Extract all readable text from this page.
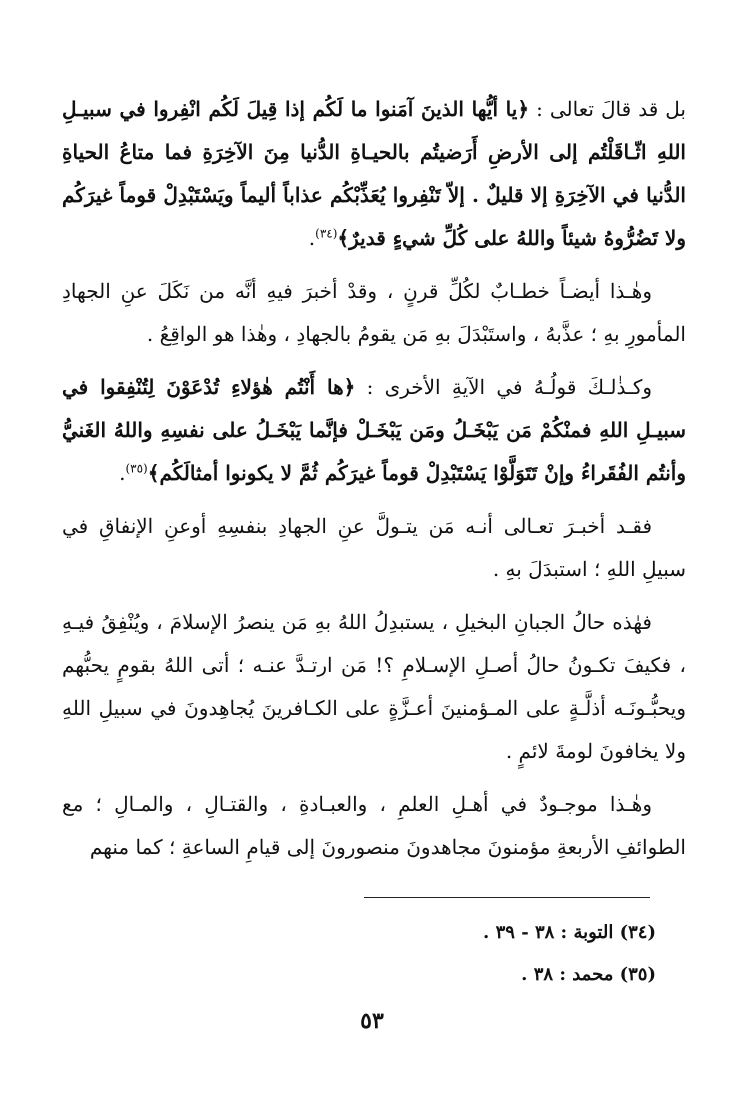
بل قد قالَ تعالى : ﴿يا أيُّها الذينَ آمَنوا ما لَكُم إذا قِيلَ لَكُم انْفِروا في سبيـلِ اللهِ اثّـاقَلْتُم إلى الأرضِ أَرَضيتُم بالحيـاةِ الدُّنيا مِنَ الآخِرَةِ فما متاعُ الحياةِ الدُّنيا في الآخِرَةِ إلا قليلٌ . إلاّ تَنْفِروا يُعَذِّبْكُم عذاباً أليماً ويَسْتَبْدِلْ قوماً غيرَكُم ولا تَضُرُّوهُ شيئاً واللهُ على كُلِّ شيءٍ قديرٌ﴾$^{(٣٤)}$.

وهٰـذا أيضـاً خطـابٌ لكُلِّ قرنٍ ، وقدْ أخبرَ فيهِ أنَّه من نَكَلَ عنِ الجهادِ المأمورِ بهِ ؛ عذَّبهُ ، واستَبْدَلَ بهِ مَن يقومُ بالجهادِ ، وهٰذا هو الواقِعُ .

وكـذٰلـكَ قولُـهُ في الآيةِ الأخرى : ﴿ها أَنْتُم هٰؤلاءِ تُدْعَوْنَ لِتُنْفِقوا في سبيـلِ اللهِ فمنْكُمْ مَن يَبْخَـلُ ومَن يَبْخَـلْ فإنَّما يَبْخَـلُ على نفسِهِ واللهُ الغَنيُّ وأنتُم الفُقَراءُ وإنْ تَتَوَلَّوْا يَسْتَبْدِلْ قوماً غيرَكُم ثُمَّ لا يكونوا أمثالَكُم﴾$^{(٣٥)}$.

فقـد أخبـرَ تعـالى أنـه مَن يتـولَّ عنِ الجهادِ بنفسِهِ أوعنِ الإنفاقِ في سبيلِ اللهِ ؛ استبدَلَ بهِ .

فهٰذه حالُ الجبانِ البخيلِ ، يستبدِلُ اللهُ بهِ مَن ينصرُ الإسلامَ ، ويُنْفِقُ فيـهِ ، فكيفَ تكـونُ حالُ أصـلِ الإسـلامِ ؟! مَن ارتـدَّ عنـه ؛ أتى اللهُ بقومٍ يحبُّهم ويحبُّـونَـه أذلَّـةٍ على المـؤمنينَ أعـزَّةٍ على الكـافرينَ يُجاهِدونَ في سبيلِ اللهِ ولا يخافونَ لومةَ لائمٍ .

وهٰـذا موجـودٌ في أهـلِ العلمِ ، والعبـادةِ ، والقتـالِ ، والمـالِ ؛ مع الطوائفِ الأربعةِ مؤمنونَ مجاهدونَ منصورونَ إلى قيامِ الساعةِ ؛ كما منهم

(٣٤) التوبة : ٣٨ - ٣٩ .

(٣٥) محمد : ٣٨ .

٥٣
